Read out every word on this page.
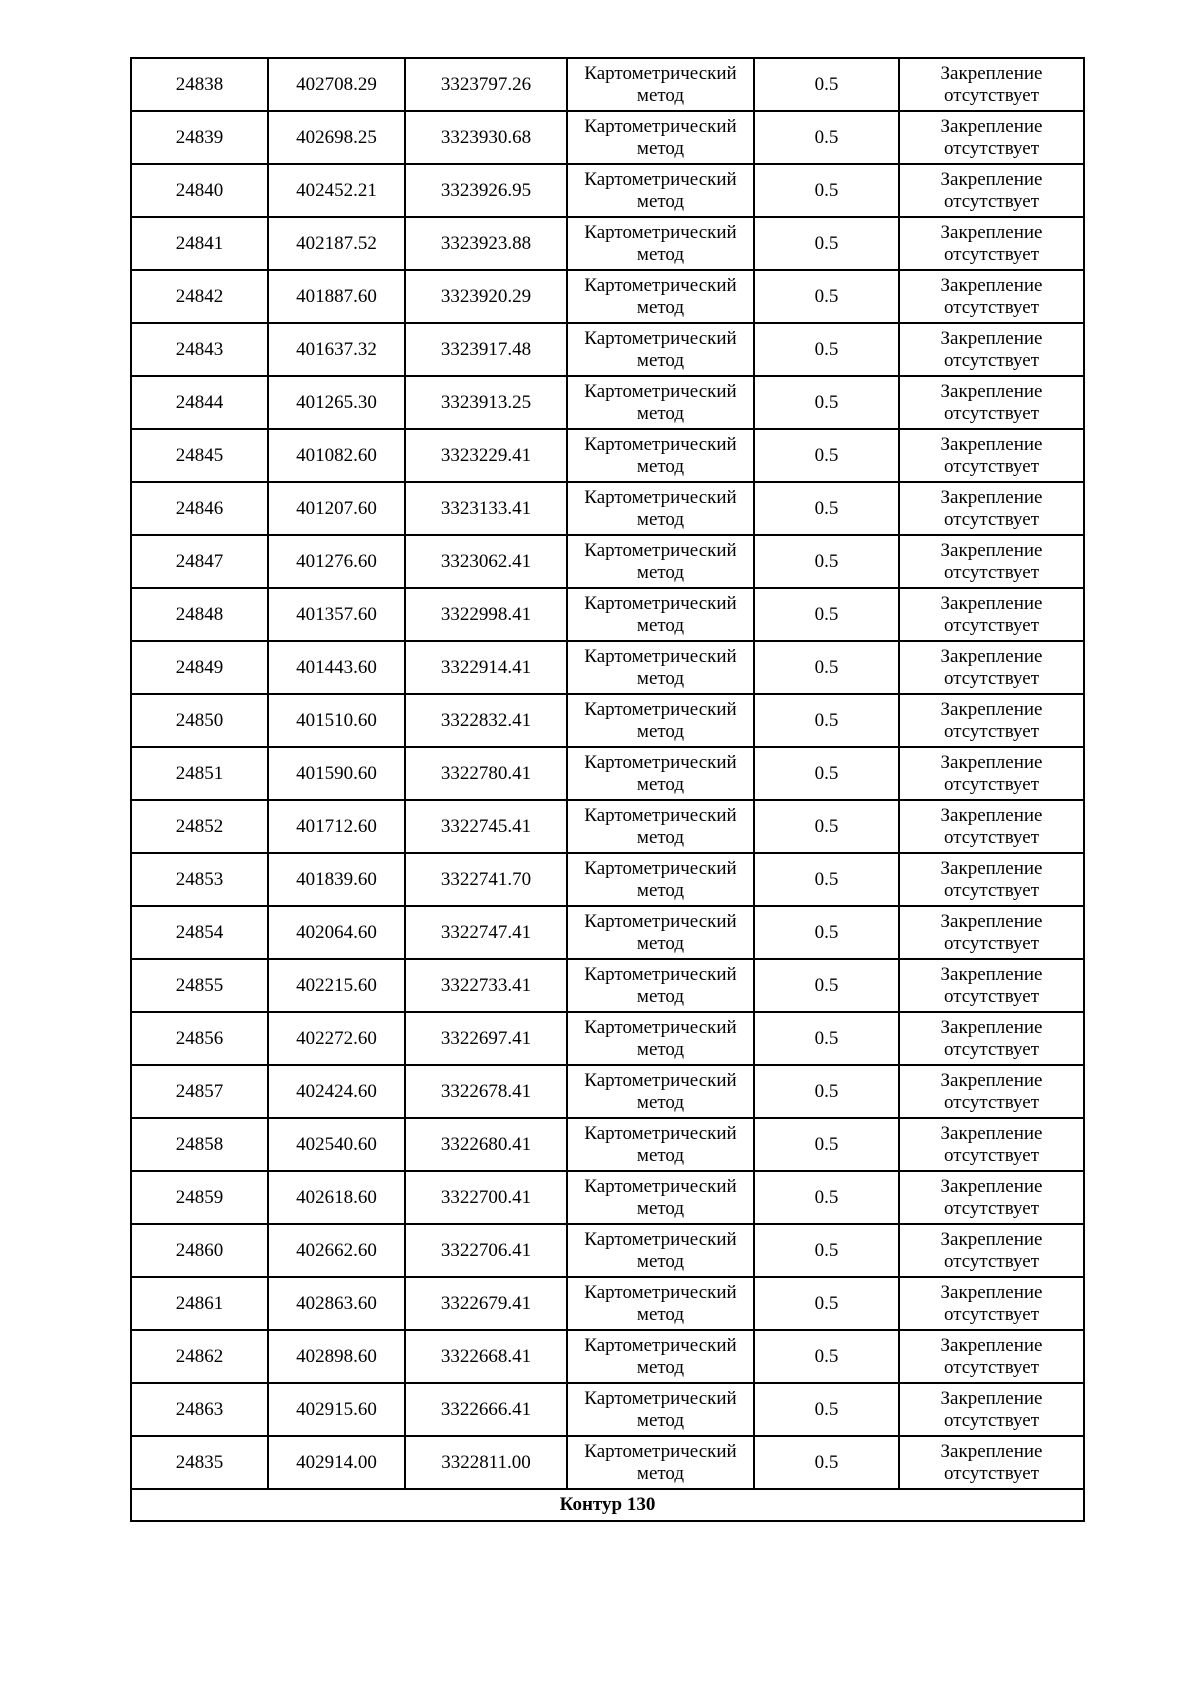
24838	402708.29	3323797.26	Картометрический метод	0.5	Закрепление отсутствует
24839	402698.25	3323930.68	Картометрический метод	0.5	Закрепление отсутствует
24840	402452.21	3323926.95	Картометрический метод	0.5	Закрепление отсутствует
24841	402187.52	3323923.88	Картометрический метод	0.5	Закрепление отсутствует
24842	401887.60	3323920.29	Картометрический метод	0.5	Закрепление отсутствует
24843	401637.32	3323917.48	Картометрический метод	0.5	Закрепление отсутствует
24844	401265.30	3323913.25	Картометрический метод	0.5	Закрепление отсутствует
24845	401082.60	3323229.41	Картометрический метод	0.5	Закрепление отсутствует
24846	401207.60	3323133.41	Картометрический метод	0.5	Закрепление отсутствует
24847	401276.60	3323062.41	Картометрический метод	0.5	Закрепление отсутствует
24848	401357.60	3322998.41	Картометрический метод	0.5	Закрепление отсутствует
24849	401443.60	3322914.41	Картометрический метод	0.5	Закрепление отсутствует
24850	401510.60	3322832.41	Картометрический метод	0.5	Закрепление отсутствует
24851	401590.60	3322780.41	Картометрический метод	0.5	Закрепление отсутствует
24852	401712.60	3322745.41	Картометрический метод	0.5	Закрепление отсутствует
24853	401839.60	3322741.70	Картометрический метод	0.5	Закрепление отсутствует
24854	402064.60	3322747.41	Картометрический метод	0.5	Закрепление отсутствует
24855	402215.60	3322733.41	Картометрический метод	0.5	Закрепление отсутствует
24856	402272.60	3322697.41	Картометрический метод	0.5	Закрепление отсутствует
24857	402424.60	3322678.41	Картометрический метод	0.5	Закрепление отсутствует
24858	402540.60	3322680.41	Картометрический метод	0.5	Закрепление отсутствует
24859	402618.60	3322700.41	Картометрический метод	0.5	Закрепление отсутствует
24860	402662.60	3322706.41	Картометрический метод	0.5	Закрепление отсутствует
24861	402863.60	3322679.41	Картометрический метод	0.5	Закрепление отсутствует
24862	402898.60	3322668.41	Картометрический метод	0.5	Закрепление отсутствует
24863	402915.60	3322666.41	Картометрический метод	0.5	Закрепление отсутствует
24835	402914.00	3322811.00	Картометрический метод	0.5	Закрепление отсутствует
Контур 130					
